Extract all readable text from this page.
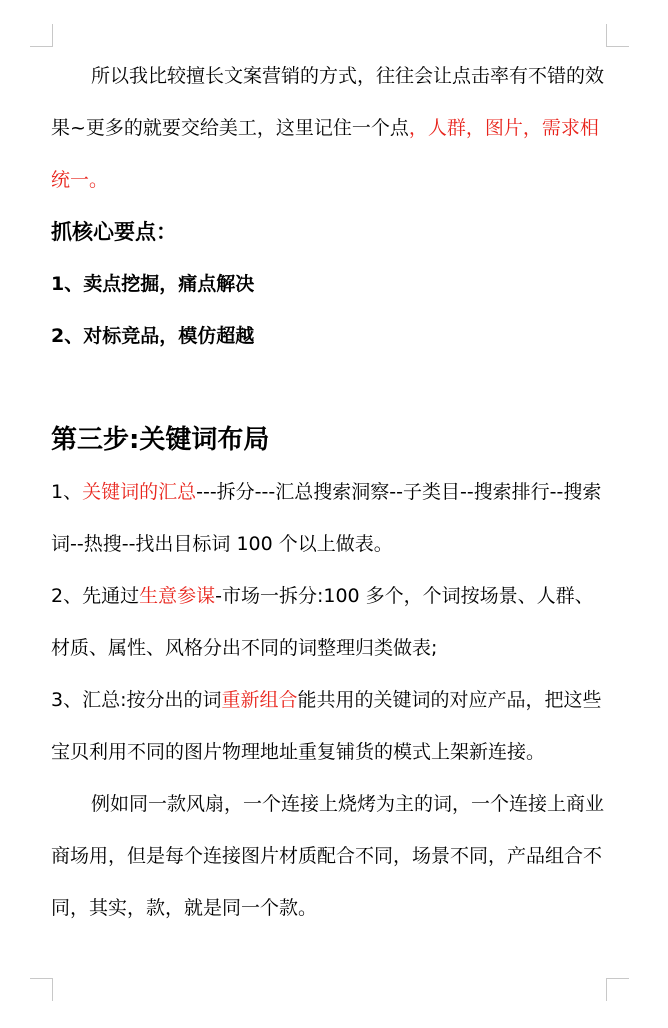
所以我比较擅长文案营销的方式，往往会让点击率有不错的效果~更多的就要交给美工，这里记住一个点，人群，图片，需求相统一。

抓核心要点：

1、卖点挖掘，痛点解决

2、对标竞品，模仿超越

第三步:关键词布局

1、关键词的汇总---拆分---汇总搜索洞察--子类目--搜索排行--搜索词--热搜--找出目标词 100 个以上做表。

2、先通过生意参谋-市场一拆分:100 多个，个词按场景、人群、材质、属性、风格分出不同的词整理归类做表;

3、汇总:按分出的词重新组合能共用的关键词的对应产品，把这些宝贝利用不同的图片物理地址重复铺货的模式上架新连接。

例如同一款风扇，一个连接上烧烤为主的词，一个连接上商业商场用，但是每个连接图片材质配合不同，场景不同，产品组合不同，其实，款，就是同一个款。
